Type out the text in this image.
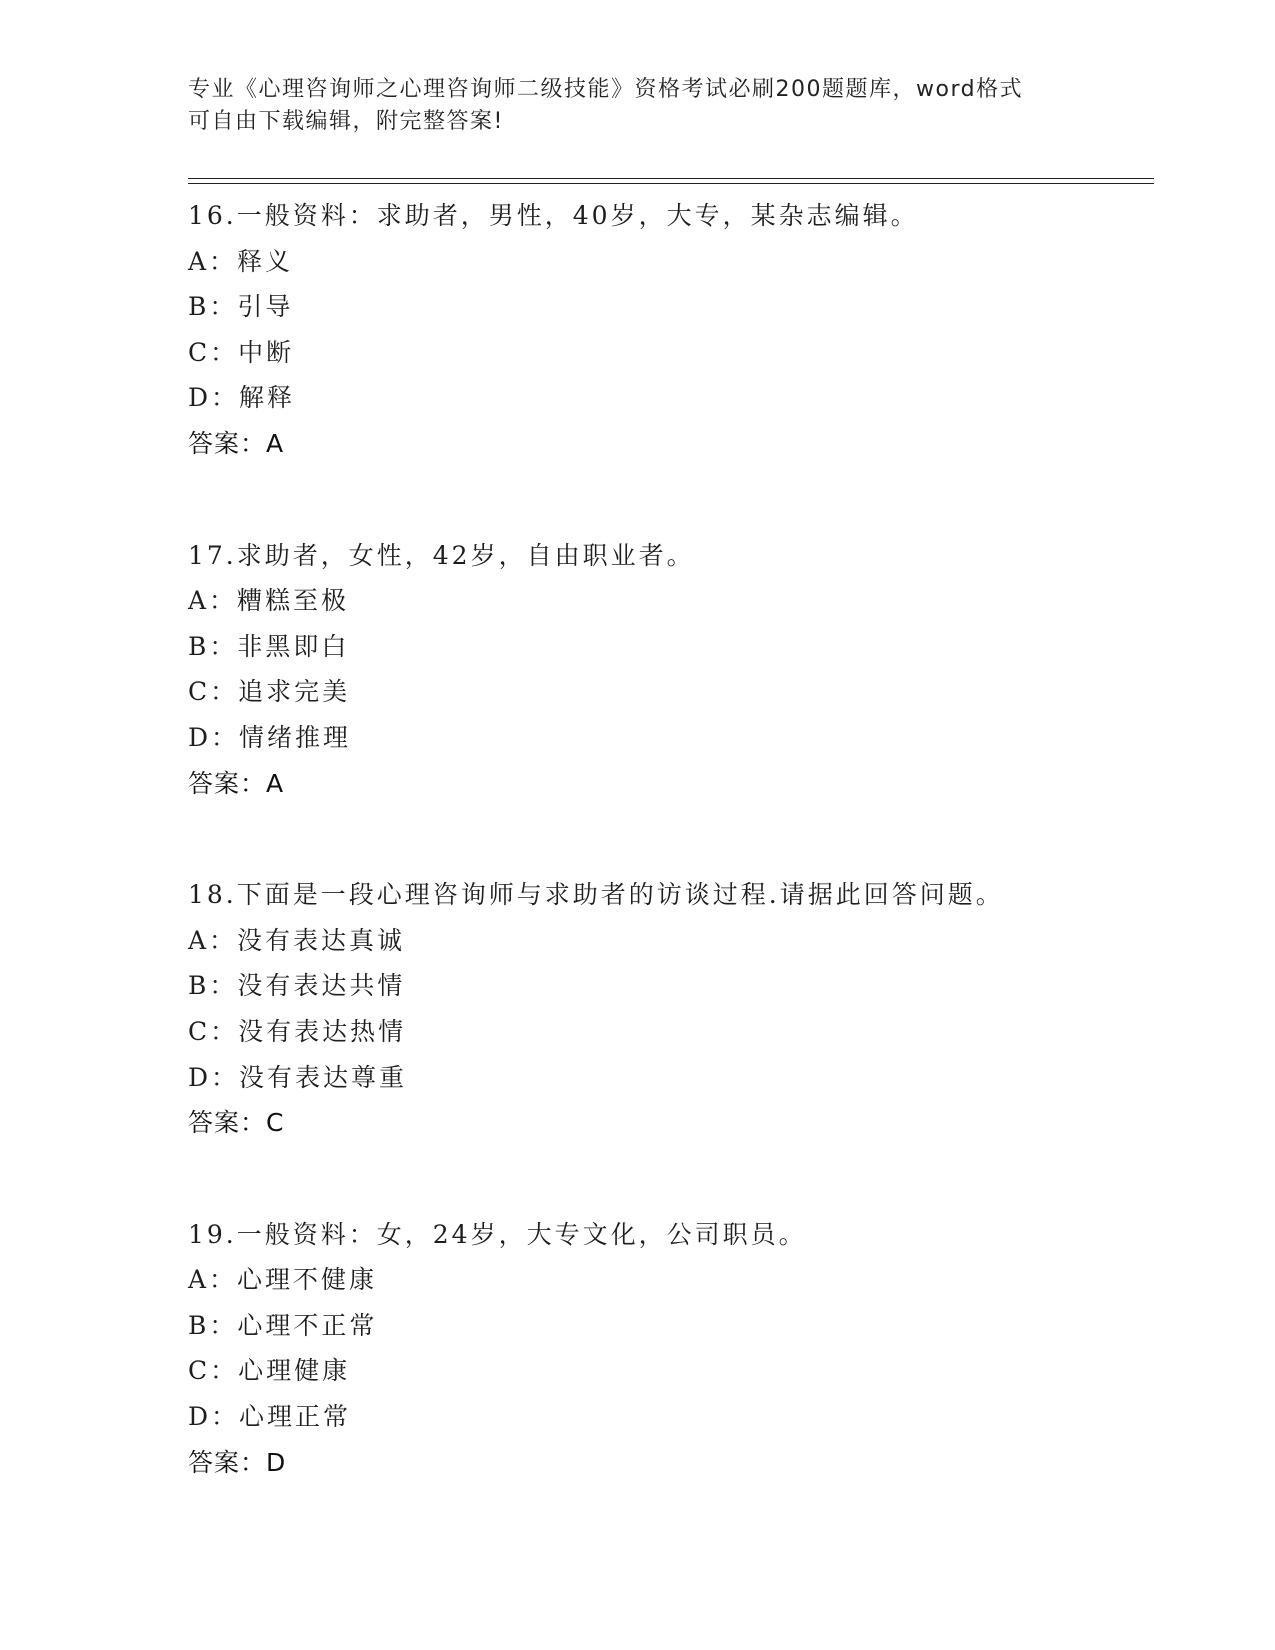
专业《心理咨询师之心理咨询师二级技能》资格考试必刷200题题库，word格式
可自由下载编辑，附完整答案!
16.一般资料：求助者，男性，40岁，大专，某杂志编辑。
A：释义
B：引导
C：中断
D：解释
答案：A
17.求助者，女性，42岁，自由职业者。
A：糟糕至极
B：非黑即白
C：追求完美
D：情绪推理
答案：A
18.下面是一段心理咨询师与求助者的访谈过程.请据此回答问题。
A：没有表达真诚
B：没有表达共情
C：没有表达热情
D：没有表达尊重
答案：C
19.一般资料：女，24岁，大专文化，公司职员。
A：心理不健康
B：心理不正常
C：心理健康
D：心理正常
答案：D
